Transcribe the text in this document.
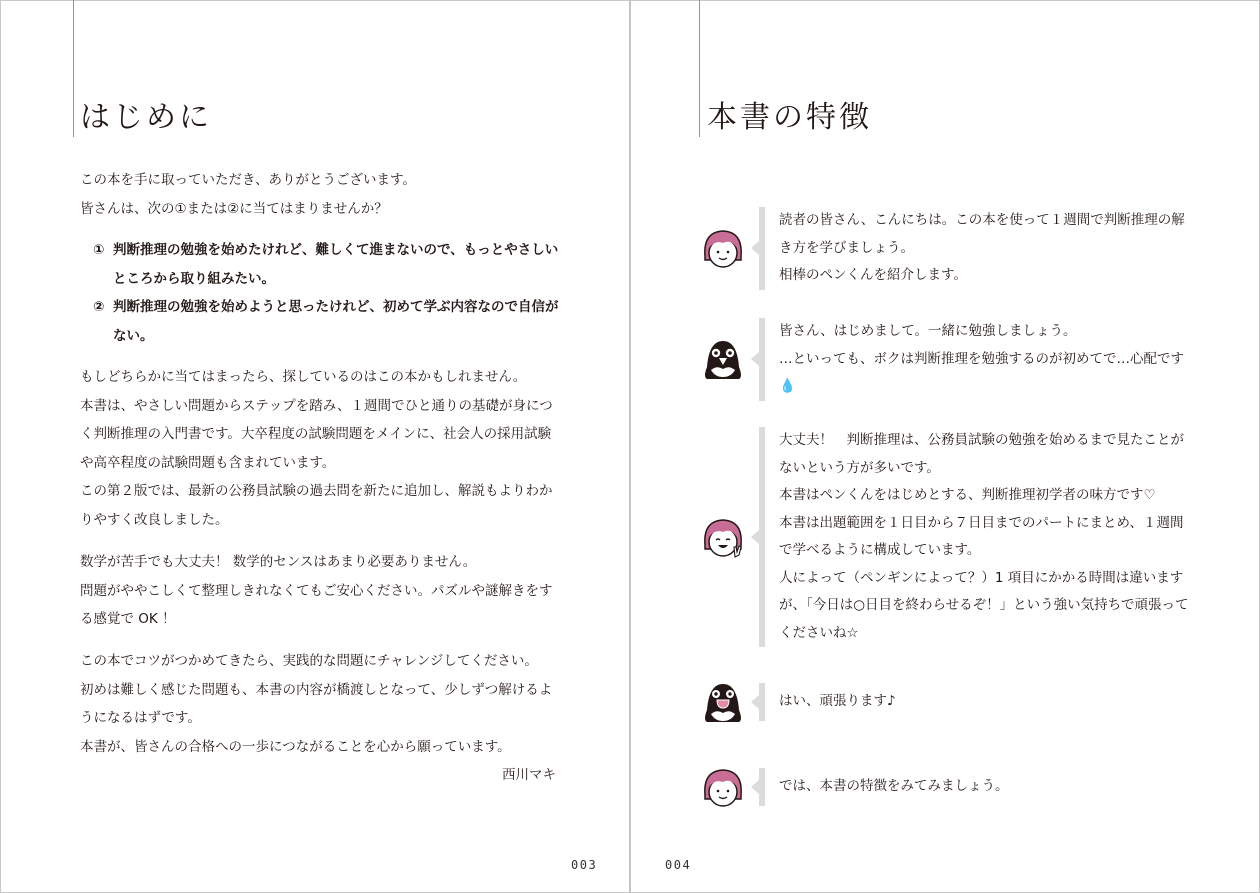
はじめに

この本を手に取っていただき、ありがとうございます。

皆さんは、次の①または②に当てはまりませんか？

① 判断推理の勉強を始めたけれど、難しくて進まないので、もっとやさしいところから取り組みたい。
② 判断推理の勉強を始めようと思ったけれど、初めて学ぶ内容なので自信がない。

もしどちらかに当てはまったら、探しているのはこの本かもしれません。

本書は、やさしい問題からステップを踏み、１週間でひと通りの基礎が身につく判断推理の入門書です。大卒程度の試験問題をメインに、社会人の採用試験や高卒程度の試験問題も含まれています。

この第２版では、最新の公務員試験の過去問を新たに追加し、解説もよりわかりやすく改良しました。

数学が苦手でも大丈夫！ 数学的センスはあまり必要ありません。

問題がややこしくて整理しきれなくてもご安心ください。パズルや謎解きをする感覚で OK ！

この本でコツがつかめてきたら、実践的な問題にチャレンジしてください。

初めは難しく感じた問題も、本書の内容が橋渡しとなって、少しずつ解けるようになるはずです。

本書が、皆さんの合格への一歩につながることを心から願っています。

西川マキ

003
本書の特徴

読者の皆さん、こんにちは。この本を使って１週間で判断推理の解き方を学びましょう。

相棒のペンくんを紹介します。

皆さん、はじめまして。一緒に勉強しましょう。

…といっても、ボクは判断推理を勉強するのが初めてで…心配です💧

大丈夫！　判断推理は、公務員試験の勉強を始めるまで見たことがないという方が多いです。

本書はペンくんをはじめとする、判断推理初学者の味方です♡

本書は出題範囲を１日目から７日目までのパートにまとめ、１週間で学べるように構成しています。

人によって（ペンギンによって？）1 項目にかかる時間は違いますが、「今日は○日目を終わらせるぞ！」という強い気持ちで頑張ってくださいね☆

はい、頑張ります♪

では、本書の特徴をみてみましょう。

004
